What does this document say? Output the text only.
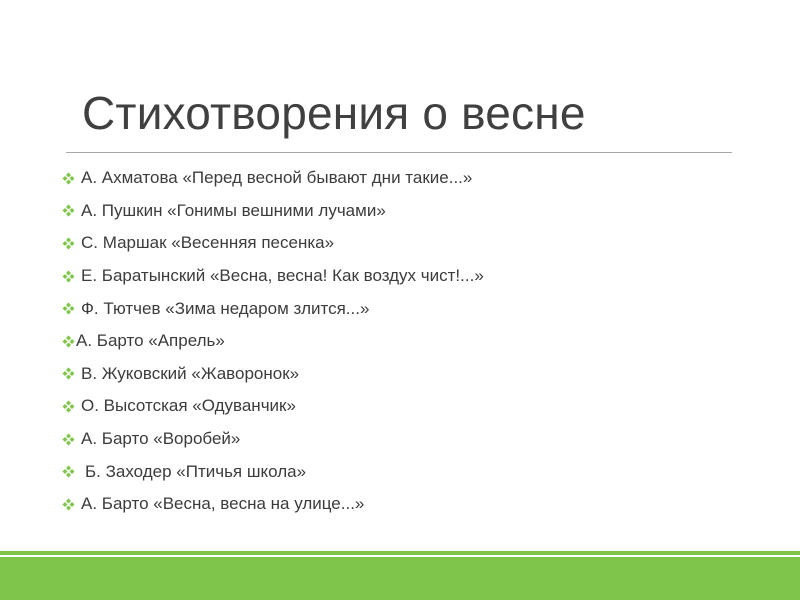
Стихотворения о весне
А. Ахматова «Перед весной бывают дни такие...»
А. Пушкин «Гонимы вешними лучами»
С. Маршак «Весенняя песенка»
Е. Баратынский «Весна, весна! Как воздух чист!...»
Ф. Тютчев «Зима недаром злится...»
А. Барто «Апрель»
В. Жуковский «Жаворонок»
О. Высотская «Одуванчик»
А. Барто «Воробей»
Б. Заходер «Птичья школа»
А. Барто «Весна, весна на улице...»
